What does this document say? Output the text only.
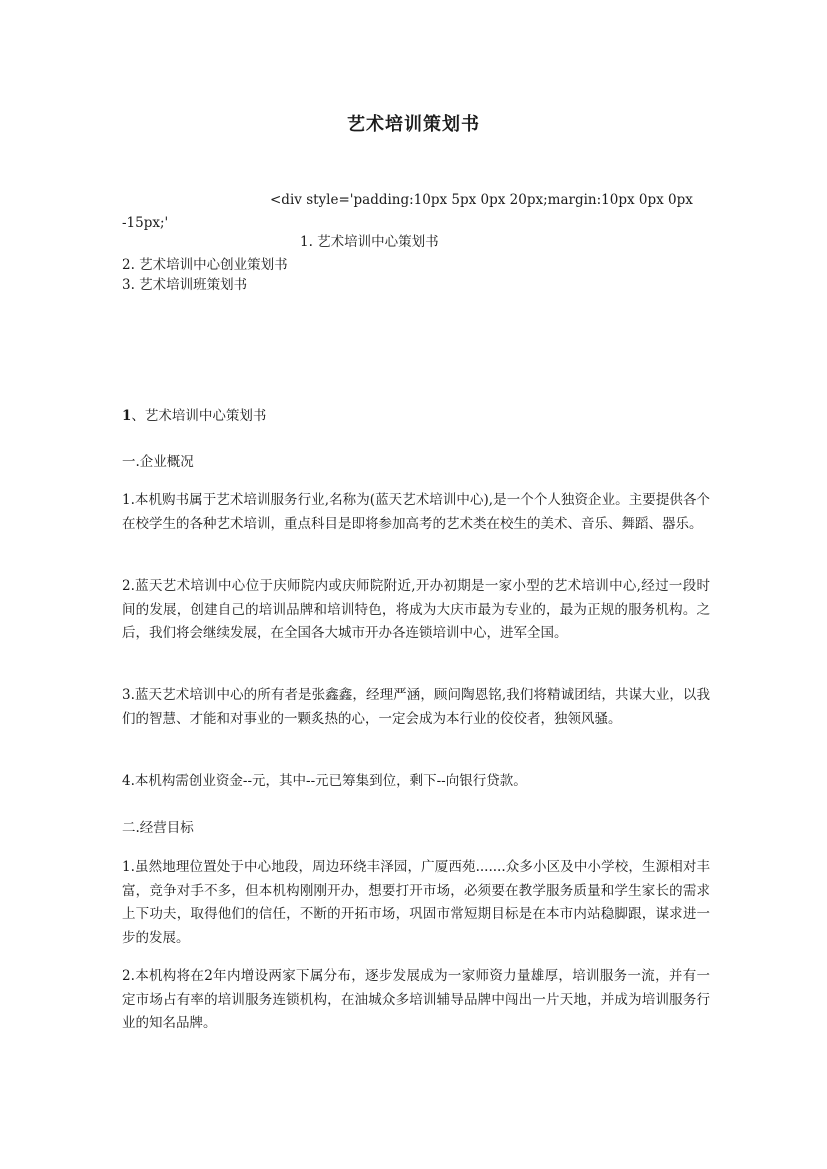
艺术培训策划书
<div style='padding:10px 5px 0px 20px;margin:10px 0px 0px
-15px;'
1. 艺术培训中心策划书
2. 艺术培训中心创业策划书
3. 艺术培训班策划书
1、艺术培训中心策划书
一.企业概况
1.本机购书属于艺术培训服务行业,名称为(蓝天艺术培训中心),是一个个人独资企业。主要提供各个在校学生的各种艺术培训，重点科目是即将参加高考的艺术类在校生的美术、音乐、舞蹈、器乐。
2.蓝天艺术培训中心位于庆师院内或庆师院附近,开办初期是一家小型的艺术培训中心,经过一段时间的发展，创建自己的培训品牌和培训特色，将成为大庆市最为专业的，最为正规的服务机构。之后，我们将会继续发展，在全国各大城市开办各连锁培训中心，进军全国。
3.蓝天艺术培训中心的所有者是张鑫鑫，经理严涵，顾问陶恩铭,我们将精诚团结，共谋大业，以我们的智慧、才能和对事业的一颗炙热的心，一定会成为本行业的佼佼者，独领风骚。
4.本机构需创业资金--元，其中--元已筹集到位，剩下--向银行贷款。
二.经营目标
1.虽然地理位置处于中心地段，周边环绕丰泽园，广厦西苑.......众多小区及中小学校，生源相对丰富，竞争对手不多，但本机构刚刚开办，想要打开市场，必须要在教学服务质量和学生家长的需求上下功夫，取得他们的信任，不断的开拓市场，巩固市常短期目标是在本市内站稳脚跟，谋求进一步的发展。
2.本机构将在2年内增设两家下属分布，逐步发展成为一家师资力量雄厚，培训服务一流，并有一定市场占有率的培训服务连锁机构，在油城众多培训辅导品牌中闯出一片天地，并成为培训服务行业的知名品牌。
